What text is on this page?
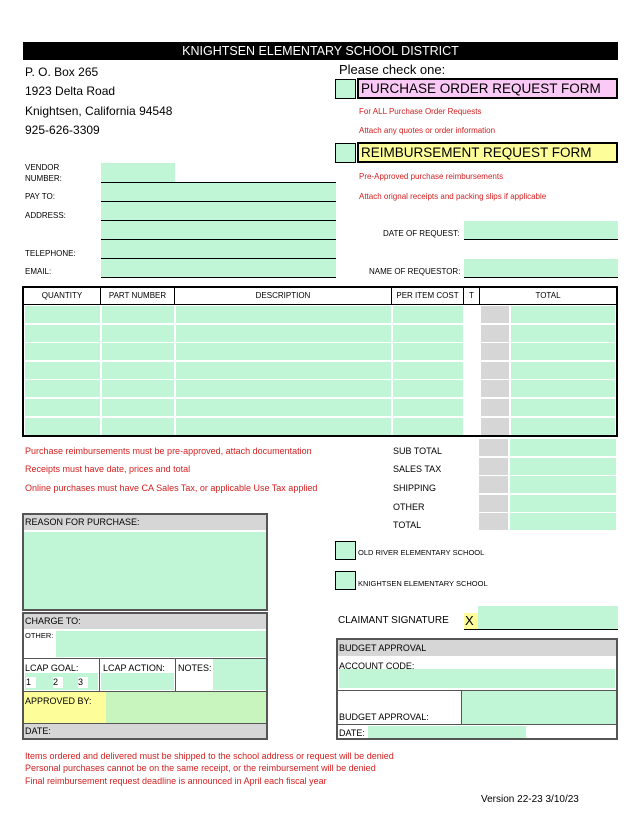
KNIGHTSEN ELEMENTARY SCHOOL DISTRICT
P. O. Box 265
1923 Delta Road
Knightsen, California 94548
925-626-3309
Please check one:
PURCHASE ORDER REQUEST FORM
For ALL Purchase Order Requests
Attach any quotes or order information
REIMBURSEMENT REQUEST FORM
Pre-Approved purchase reimbursements
Attach orignal receipts and packing slips if applicable
VENDOR
NUMBER:
PAY TO:
ADDRESS:
TELEPHONE:
EMAIL:
DATE OF REQUEST:
NAME OF REQUESTOR:
QUANTITY	PART NUMBER	DESCRIPTION	PER ITEM COST	T	TOTAL
Purchase reimbursements must be pre-approved, attach documentation
Receipts must have date, prices and total
Online purchases must have CA Sales Tax, or applicable Use Tax applied
SUB TOTAL
SALES TAX
SHIPPING
OTHER
TOTAL
REASON FOR PURCHASE:
OLD RIVER ELEMENTARY SCHOOL
KNIGHTSEN ELEMENTARY SCHOOL
CLAIMANT SIGNATURE X
CHARGE TO:
OTHER:
LCAP GOAL:
1	2	3
LCAP ACTION: NOTES:
APPROVED BY:
DATE:
BUDGET APPROVAL
ACCOUNT CODE:
BUDGET APPROVAL:
DATE:
Items ordered and delivered must be shipped to the school address or request will be denied
Personal purchases cannot be on the same receipt, or the reimbursement will be denied
Final reimbursement request deadline is announced in April each fiscal year
Version 22-23 3/10/23
